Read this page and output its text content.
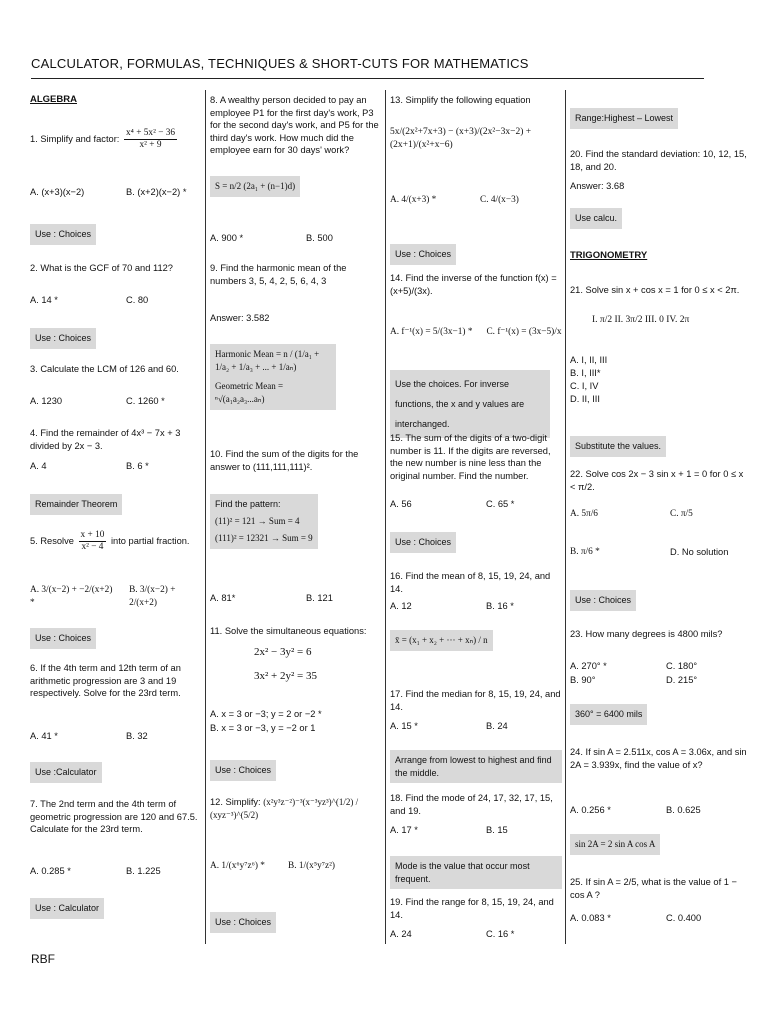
CALCULATOR, FORMULAS, TECHNIQUES & SHORT-CUTS FOR MATHEMATICS
ALGEBRA
1. Simplify and factor: $\frac{\text{x⁴ + 5x² − 36}}{\text{x² + 9}}$
A. (x+3)(x−2)	B. (x+2)(x−2) *
Use : Choices
2. What is the GCF of 70 and 112?
A. 14 *	C. 80
Use : Choices
3. Calculate the LCM of 126 and 60.
A. 1230	C. 1260 *
4. Find the remainder of 4x³ − 7x + 3 divided by 2x − 3.
A. 4	B. 6 *
Remainder Theorem
5. Resolve $\frac{x + 10}{\text{x² − 4}}$ into partial fraction.
A. 3/(x−2) + −2/(x+2) *
B. 3/(x−2) + 2/(x+2)
Use : Choices
6. If the 4th term and 12th term of an arithmetic progression are 3 and 19 respectively. Solve for the 23rd term.
A. 41 *	B. 32
Use :Calculator
7. The 2nd term and the 4th term of geometric progression are 120 and 67.5. Calculate for the 23rd term.
A. 0.285 *	B. 1.225
Use : Calculator
8. A wealthy person decided to pay an employee P1 for the first day's work, P3 for the second day's work, and P5 for the third day's work. How much did the employee earn for 30 days' work?
S = n/2 (2a₁ + (n−1)d)
A. 900 *	B. 500
9. Find the harmonic mean of the numbers 3, 5, 4, 2, 5, 6, 4, 3
Answer: 3.582
Harmonic Mean = n / (1/a₁ + 1/a₂ + 1/a₃ + ... + 1/aₙ)
Geometric Mean = ⁿ√(a₁a₂a₃...aₙ)
10. Find the sum of the digits for the answer to (111,111,111)².
Find the pattern:
(11)² = 121 → Sum = 4
(111)² = 12321 → Sum = 9
A. 81*	B. 121
11. Solve the simultaneous equations:
2x² − 3y² = 6
3x² + 2y² = 35
A. x = 3 or −3; y = 2 or −2 *
B. x = 3 or −3, y = −2 or 1
Use : Choices
12. Simplify: (x²y³z⁻²)⁻³(x⁻³yz³)^(1/2) / (xyz⁻³)^(5/2)
A. 1/(x⁶y⁷z⁶) *	B. 1/(x⁵y⁷z²)
Use : Choices
13. Simplify the following equation
5x/(2x²+7x+3) − (x+3)/(2x²−3x−2) + (2x+1)/(x²+x−6)
A. 4/(x+3) *	C. 4/(x−3)
Use : Choices
14. Find the inverse of the function f(x) = (x+5)/(3x).
A. f⁻¹(x) = 5/(3x−1) * C. f⁻¹(x) = (3x−5)/x
Use the choices. For inverse functions, the x and y values are interchanged.
15. The sum of the digits of a two-digit number is 11. If the digits are reversed, the new number is nine less than the original number. Find the number.
A. 56	C. 65 *
Use : Choices
16. Find the mean of 8, 15, 19, 24, and 14.
A. 12	B. 16 *
x̄ = (x₁ + x₂ + ··· + xₙ) / n
17. Find the median for 8, 15, 19, 24, and 14.
A. 15 *	B. 24
Arrange from lowest to highest and find the middle.
18. Find the mode of 24, 17, 32, 17, 15, and 19.
A. 17 *	B. 15
Mode is the value that occur most frequent.
19. Find the range for 8, 15, 19, 24, and 14.
A. 24	C. 16 *
Range:Highest – Lowest
20. Find the standard deviation: 10, 12, 15, 18, and 20.
Answer: 3.68
Use calcu.
TRIGONOMETRY
21. Solve sin x + cos x = 1 for 0 ≤ x < 2π.
I. π/2 II. 3π/2 III. 0 IV. 2π
A. I, II, III
B. I, III*
C. I, IV
D. II, III
Substitute the values.
22. Solve cos 2x − 3 sin x + 1 = 0 for 0 ≤ x < π/2.
A. 5π/6	C. π/5
B. π/6 *	D. No solution
Use : Choices
23. How many degrees is 4800 mils?
A. 270° *	C. 180°
B. 90°	D. 215°
360° = 6400 mils
24. If sin A = 2.511x, cos A = 3.06x, and sin 2A = 3.939x, find the value of x?
A. 0.256 *	B. 0.625
sin 2A = 2 sin A cos A
25. If sin A = 2/5, what is the value of 1 − cos A ?
A. 0.083 *	C. 0.400
RBF
